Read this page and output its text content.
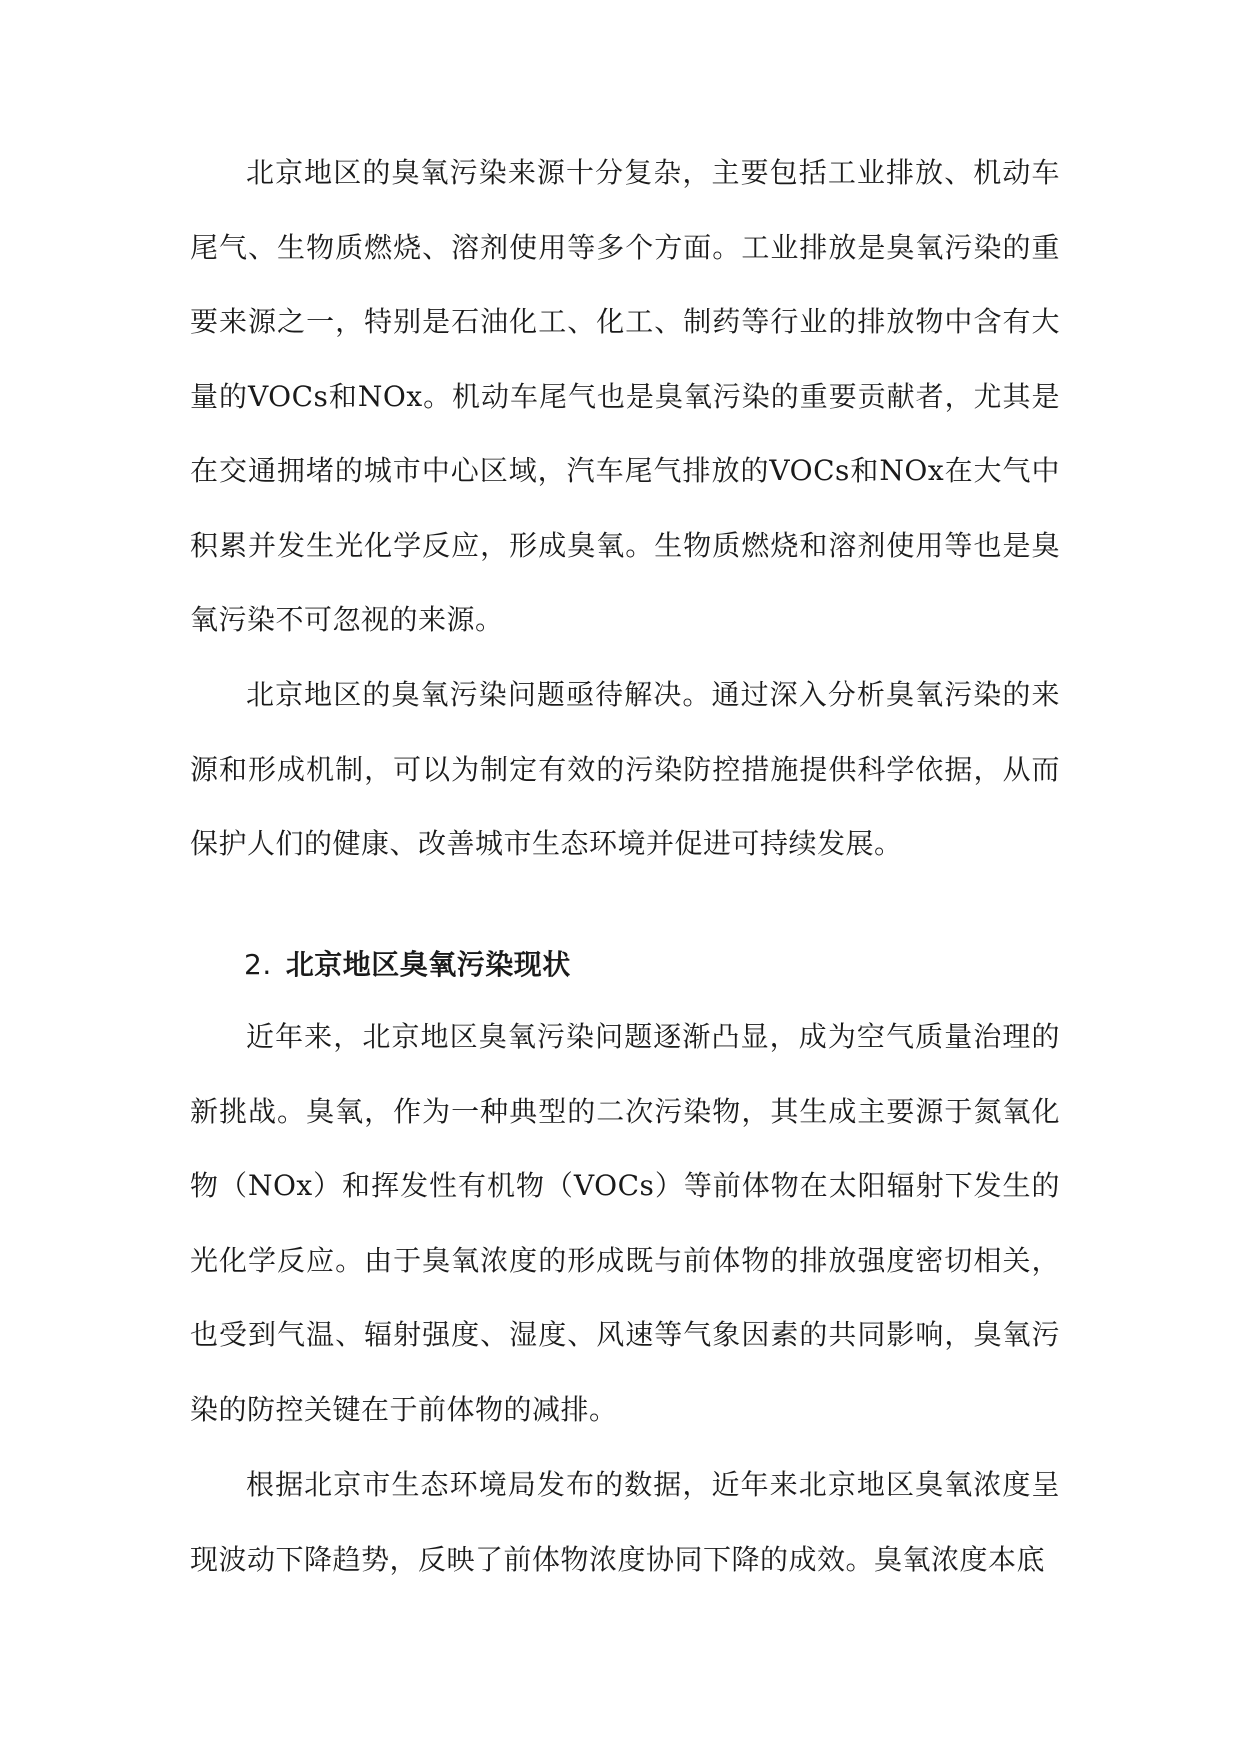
北京地区的臭氧污染来源十分复杂，主要包括工业排放、机动车尾气、生物质燃烧、溶剂使用等多个方面。工业排放是臭氧污染的重要来源之一，特别是石油化工、化工、制药等行业的排放物中含有大量的VOCs和NOx。机动车尾气也是臭氧污染的重要贡献者，尤其是在交通拥堵的城市中心区域，汽车尾气排放的VOCs和NOx在大气中积累并发生光化学反应，形成臭氧。生物质燃烧和溶剂使用等也是臭氧污染不可忽视的来源。

北京地区的臭氧污染问题亟待解决。通过深入分析臭氧污染的来源和形成机制，可以为制定有效的污染防控措施提供科学依据，从而保护人们的健康、改善城市生态环境并促进可持续发展。

2. 北京地区臭氧污染现状

近年来，北京地区臭氧污染问题逐渐凸显，成为空气质量治理的新挑战。臭氧，作为一种典型的二次污染物，其生成主要源于氮氧化物（NOx）和挥发性有机物（VOCs）等前体物在太阳辐射下发生的光化学反应。由于臭氧浓度的形成既与前体物的排放强度密切相关，也受到气温、辐射强度、湿度、风速等气象因素的共同影响，臭氧污染的防控关键在于前体物的减排。

根据北京市生态环境局发布的数据，近年来北京地区臭氧浓度呈现波动下降趋势，反映了前体物浓度协同下降的成效。臭氧浓度本底
